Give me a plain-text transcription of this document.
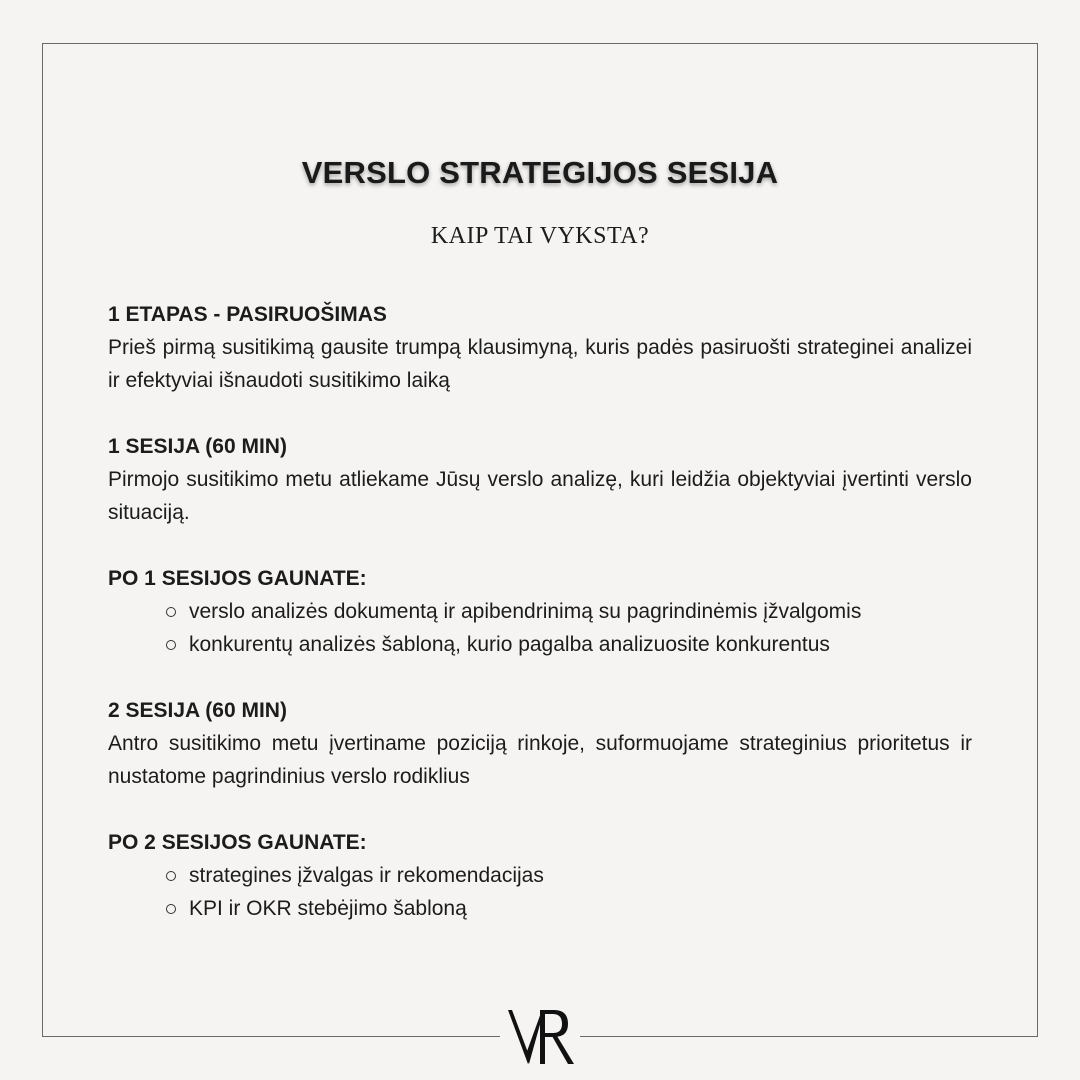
VERSLO STRATEGIJOS SESIJA
KAIP TAI VYKSTA?
1 ETAPAS - PASIRUOŠIMAS

Prieš pirmą susitikimą gausite trumpą klausimyną, kuris padės pasiruošti strateginei analizei ir efektyviai išnaudoti susitikimo laiką

1 SESIJA (60 MIN)

Pirmojo susitikimo metu atliekame Jūsų verslo analizę, kuri leidžia objektyviai įvertinti verslo situaciją.

PO 1 SESIJOS GAUNATE:
verslo analizės dokumentą ir apibendrinimą su pagrindinėmis įžvalgomis
konkurentų analizės šabloną, kurio pagalba analizuosite konkurentus
2 SESIJA (60 MIN)

Antro susitikimo metu įvertiname poziciją rinkoje, suformuojame strateginius prioritetus ir nustatome pagrindinius verslo rodiklius

PO 2 SESIJOS GAUNATE:
strategines įžvalgas ir rekomendacijas
KPI ir OKR stebėjimo šabloną
